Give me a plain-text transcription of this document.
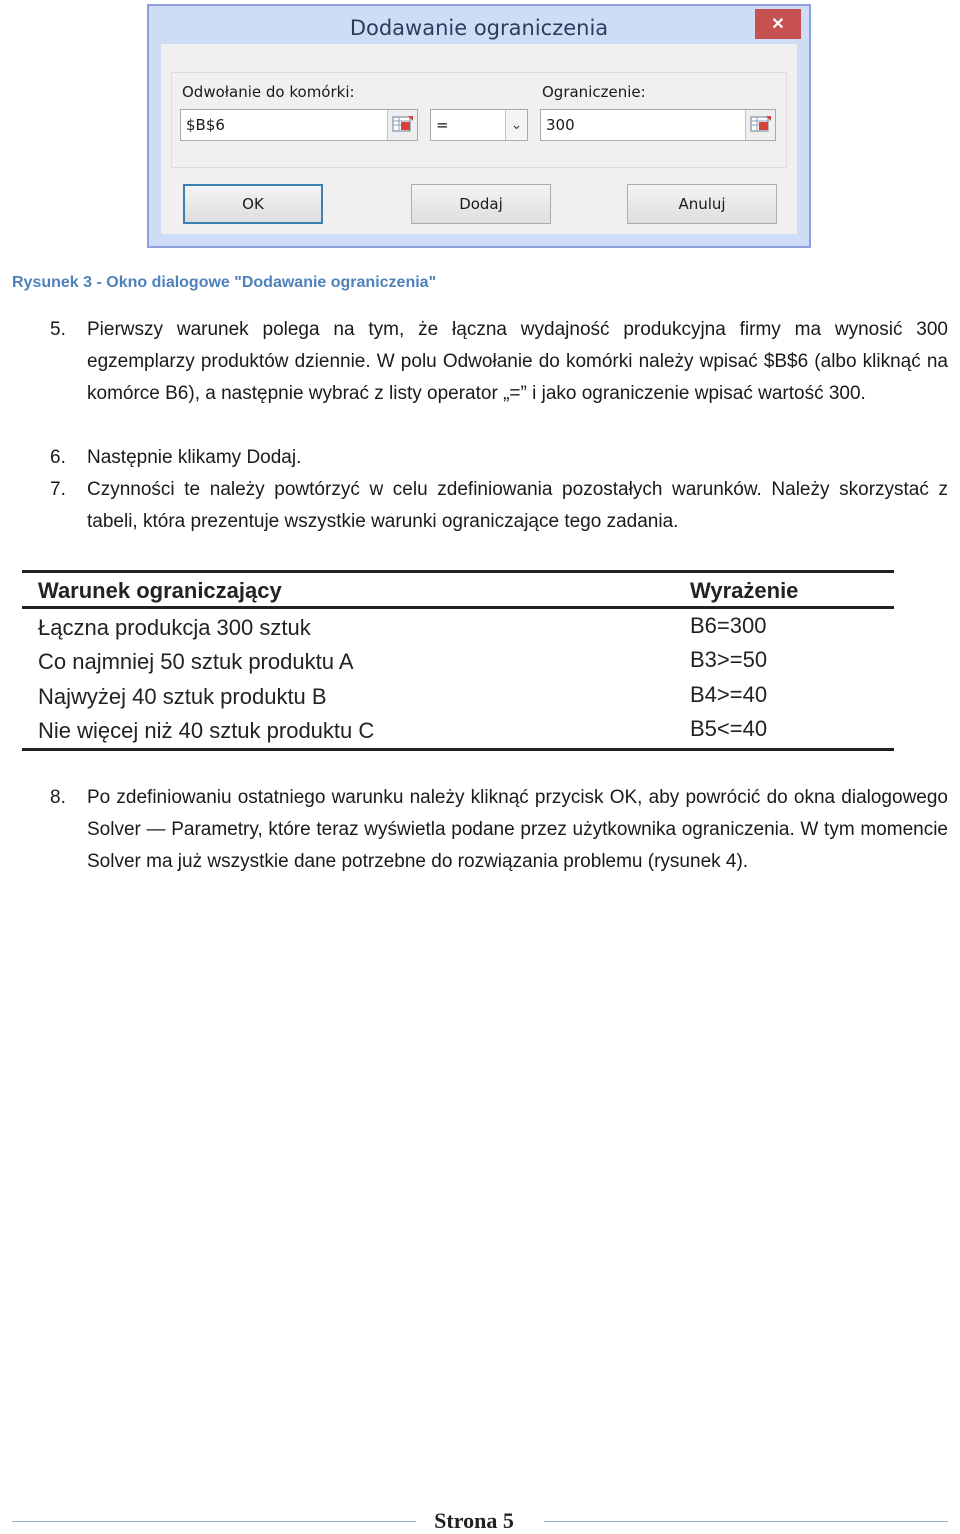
Dodawanie ograniczenia	✕
Odwołanie do komórki:
$B$6	=	⌄
Ograniczenie:
300
OK	Dodaj	Anuluj
Rysunek 3 - Okno dialogowe "Dodawanie ograniczenia"
5. Pierwszy warunek polega na tym, że łączna wydajność produkcyjna firmy ma wynosić 300 egzemplarzy produktów dziennie. W polu Odwołanie do komórki należy wpisać $B$6 (albo kliknąć na komórce B6), a następnie wybrać z listy operator „=” i jako ograniczenie wpisać wartość 300.
6. Następnie klikamy Dodaj.
7. Czynności te należy powtórzyć w celu zdefiniowania pozostałych warunków. Należy skorzystać z tabeli, która prezentuje wszystkie warunki ograniczające tego zadania.
Warunek ograniczający	Wyrażenie
Łączna produkcja 300 sztuk	B6=300
Co najmniej 50 sztuk produktu A	B3>=50
Najwyżej 40 sztuk produktu B	B4>=40
Nie więcej niż 40 sztuk produktu C	B5<=40
8. Po zdefiniowaniu ostatniego warunku należy kliknąć przycisk OK, aby powrócić do okna dialogowego Solver — Parametry, które teraz wyświetla podane przez użytkownika ograniczenia. W tym momencie Solver ma już wszystkie dane potrzebne do rozwiązania problemu (rysunek 4).
Strona 5
